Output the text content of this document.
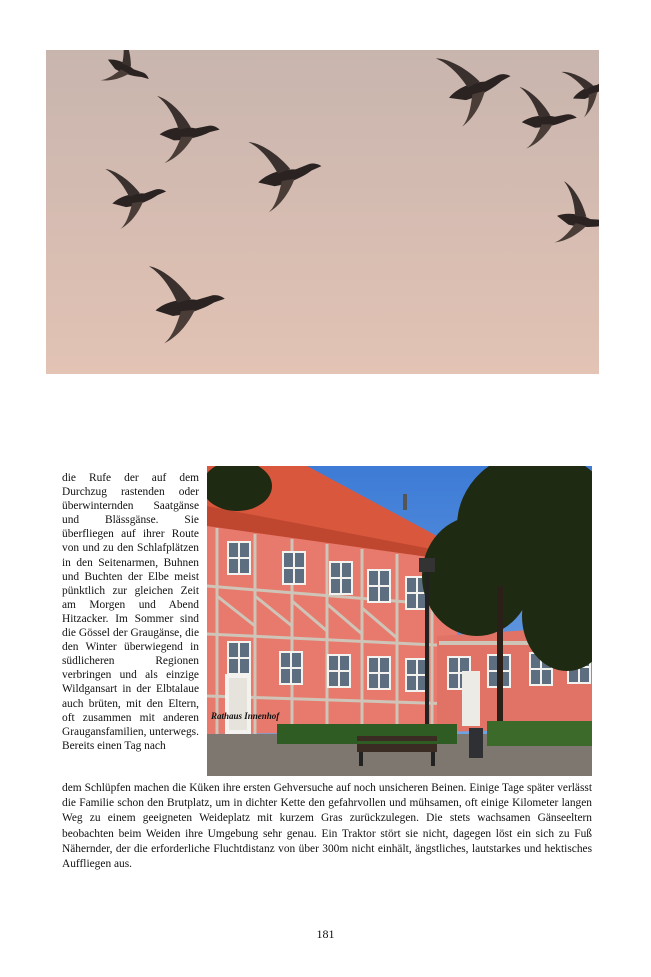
die Rufe der auf dem Durchzug rastenden oder überwinternden Saatgänse und Blässgänse. Sie überfliegen auf ihrer Route von und zu den Schlafplätzen in den Seitenarmen, Buhnen und Buchten der Elbe meist pünktlich zur gleichen Zeit am Morgen und Abend Hitzacker. Im Sommer sind die Gössel der Graugänse, die den Winter überwiegend in südlicheren Regionen verbringen und als einzige Wildgansart in der Elbtalaue auch brüten, mit den Eltern, oft zusammen mit anderen Graugansfamilien, unterwegs.
Bereits einen Tag nach
Rathaus Innenhof
dem Schlüpfen machen die Küken ihre ersten Gehversuche auf noch unsicheren Beinen. Einige Tage später verlässt die Familie schon den Brutplatz, um in dichter Kette den gefahrvollen und mühsamen, oft einige Kilometer langen Weg zu einem geeigneten Weideplatz mit kurzem Gras zurückzulegen. Die stets wachsamen Gänseeltern beobachten beim Weiden ihre Umgebung sehr genau. Ein Traktor stört sie nicht, dagegen löst ein sich zu Fuß Nähernder, der die erforderliche Fluchtdistanz von über 300m nicht einhält, ängstliches, lautstarkes und hektisches Auffliegen aus.
181
